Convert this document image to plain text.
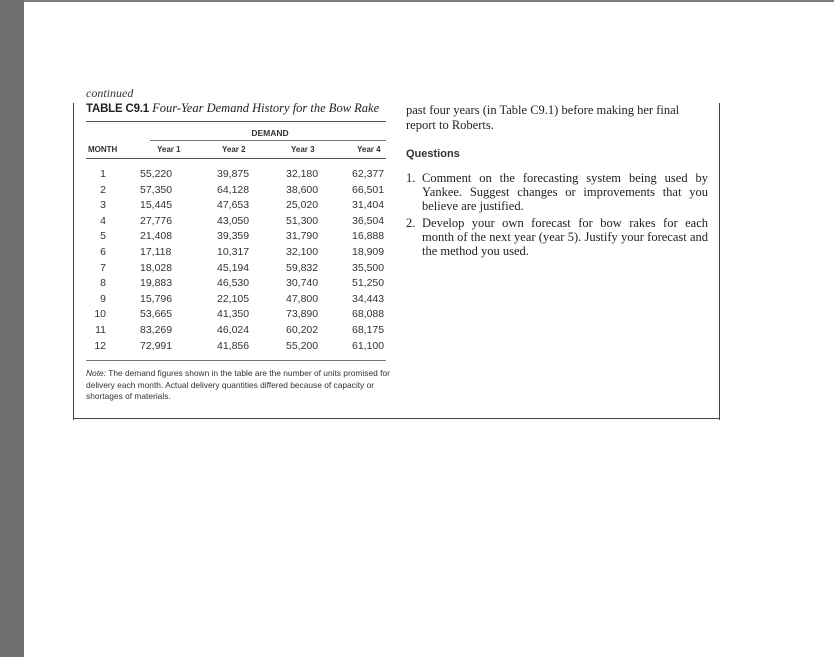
continued
TABLE C9.1 Four-Year Demand History for the Bow Rake
DEMAND
MONTH	Year 1	Year 2	Year 3	Year 4
1	55,220	39,875	32,180	62,377
2	57,350	64,128	38,600	66,501
3	15,445	47,653	25,020	31,404
4	27,776	43,050	51,300	36,504
5	21,408	39,359	31,790	16,888
6	17,118	10,317	32,100	18,909
7	18,028	45,194	59,832	35,500
8	19,883	46,530	30,740	51,250
9	15,796	22,105	47,800	34,443
10	53,665	41,350	73,890	68,088
11	83,269	46,024	60,202	68,175
12	72,991	41,856	55,200	61,100
Note: The demand figures shown in the table are the number of units promised for delivery each month. Actual delivery quantities differed because of capacity or shortages of materials.
past four years (in Table C9.1) before making her final report to Roberts.
Questions
1. Comment on the forecasting system being used by Yankee. Suggest changes or improvements that you believe are justified.
2. Develop your own forecast for bow rakes for each month of the next year (year 5). Justify your forecast and the method you used.
